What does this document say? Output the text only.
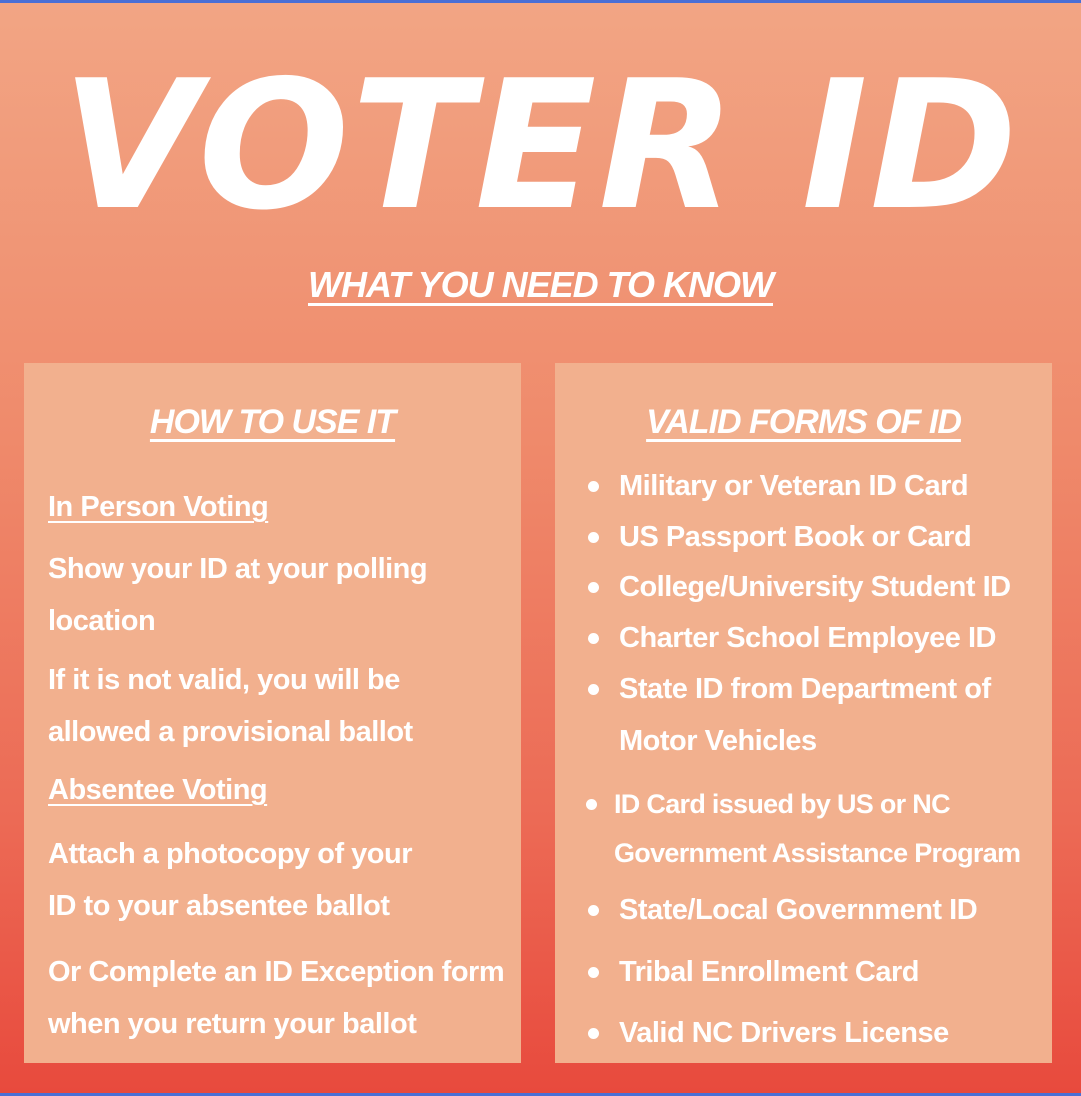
VOTER ID
WHAT YOU NEED TO KNOW
HOW TO USE IT
In Person Voting
Show your ID at your polling
location
If it is not valid, you will be
allowed a provisional ballot
Absentee Voting
Attach a photocopy of your
ID to your absentee ballot
Or Complete an ID Exception form
when you return your ballot
VALID FORMS OF ID
Military or Veteran ID Card
US Passport Book or Card
College/University Student ID
Charter School Employee ID
State ID from Department of
Motor Vehicles
ID Card issued by US or NC
Government Assistance Program
State/Local Government ID
Tribal Enrollment Card
Valid NC Drivers License
